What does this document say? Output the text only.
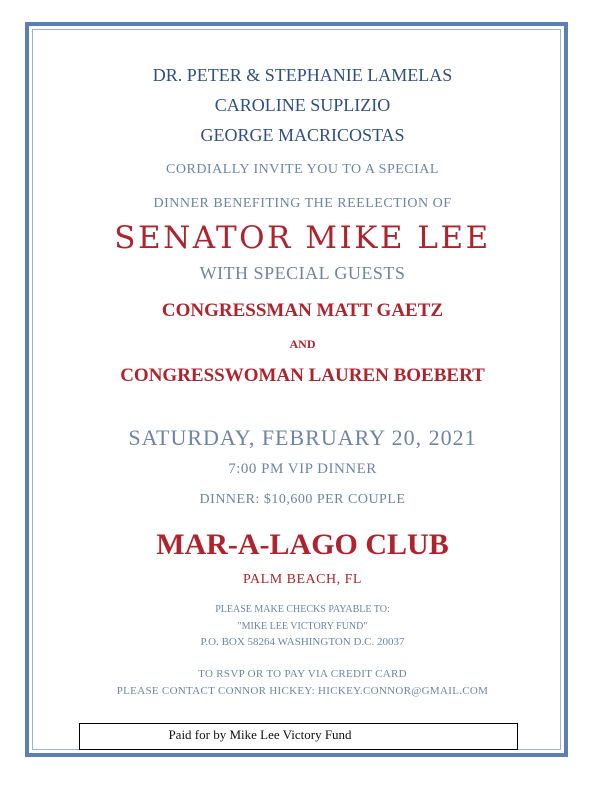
DR. PETER & STEPHANIE LAMELAS
CAROLINE SUPLIZIO
GEORGE MACRICOSTAS
CORDIALLY INVITE YOU TO A SPECIAL
DINNER BENEFITING THE REELECTION OF
SENATOR MIKE LEE
WITH SPECIAL GUESTS
CONGRESSMAN MATT GAETZ
AND
CONGRESSWOMAN LAUREN BOEBERT
SATURDAY, FEBRUARY 20, 2021
7:00 PM VIP DINNER
DINNER: $10,600 PER COUPLE
MAR-A-LAGO CLUB
PALM BEACH, FL
PLEASE MAKE CHECKS PAYABLE TO:
"MIKE LEE VICTORY FUND"
P.O. BOX 58264 WASHINGTON D.C. 20037
TO RSVP OR TO PAY VIA CREDIT CARD
PLEASE CONTACT CONNOR HICKEY: HICKEY.CONNOR@GMAIL.COM
Paid for by Mike Lee Victory Fund
